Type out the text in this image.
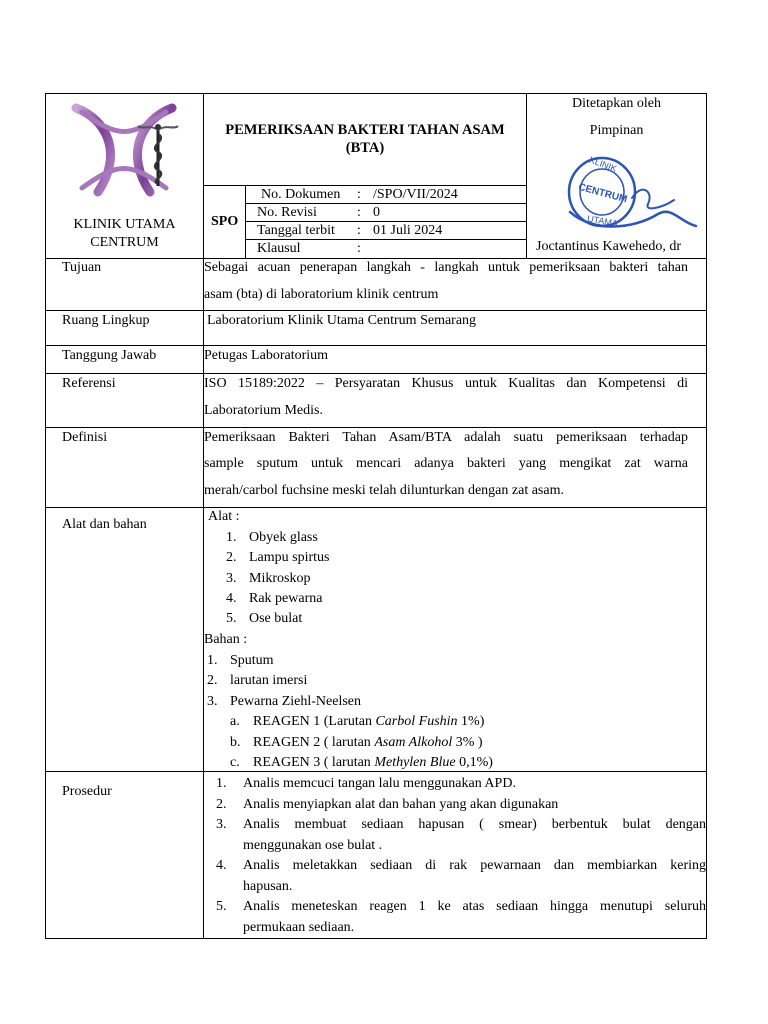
KLINIK UTAMA
CENTRUM
PEMERIKSAAN BAKTERI TAHAN ASAM
(BTA)
SPO
No. Dokumen : /SPO/VII/2024
No. Revisi	: 0
Tanggal terbit : 01 Juli 2024
Klausul	:
Ditetapkan oleh
Pimpinan
KLINIK
CENTRUM
UTAMA
Joctantinus Kawehedo, dr
Tujuan
Ruang Lingkup
Tanggung Jawab
Referensi
Definisi
Alat dan bahan
Prosedur
Sebagai acuan penerapan langkah - langkah untuk pemeriksaan bakteri tahan
asam (bta) di laboratorium klinik centrum
Laboratorium Klinik Utama Centrum Semarang
Petugas Laboratorium
ISO 15189:2022 – Persyaratan Khusus untuk Kualitas dan Kompetensi di
Laboratorium Medis.
Pemeriksaan Bakteri Tahan Asam/BTA adalah suatu pemeriksaan terhadap
sample sputum untuk mencari adanya bakteri yang mengikat zat warna
merah/carbol fuchsine meski telah dilunturkan dengan zat asam.
Alat :
1. Obyek glass
2. Lampu spirtus
3. Mikroskop
4. Rak pewarna
5. Ose bulat
Bahan :
1. Sputum
2. larutan imersi
3. Pewarna Ziehl-Neelsen
a. REAGEN 1 (Larutan Carbol Fushin 1%)
b. REAGEN 2 ( larutan Asam Alkohol 3% )
c. REAGEN 3 ( larutan Methylen Blue 0,1%)
1. Analis memcuci tangan lalu menggunakan APD.
2. Analis menyiapkan alat dan bahan yang akan digunakan
3. Analis membuat sediaan hapusan ( smear) berbentuk bulat dengan
menggunakan ose bulat .
4. Analis meletakkan sediaan di rak pewarnaan dan membiarkan kering
hapusan.
5. Analis meneteskan reagen 1 ke atas sediaan hingga menutupi seluruh
permukaan sediaan.
